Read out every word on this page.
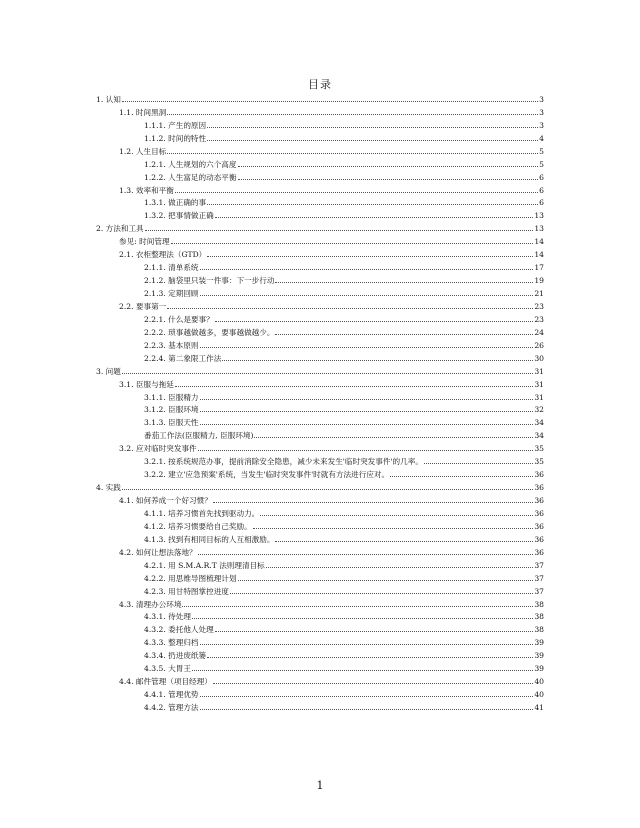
目录
1. 认知	3
1.1. 时间黑洞	3
1.1.1. 产生的原因	3
1.1.2. 时间的特性	4
1.2. 人生目标	5
1.2.1. 人生规划的六个高度	5
1.2.2. 人生富足的动态平衡	6
1.3. 效率和平衡	6
1.3.1. 做正确的事	6
1.3.2. 把事情做正确	13
2. 方法和工具	13
参见: 时间管理	14
2.1. 衣柜整理法（GTD）	14
2.1.1. 清单系统	17
2.1.2. 脑袋里只装一件事：下一步行动	19
2.1.3. 定期回顾	21
2.2. 要事第一	23
2.2.1. 什么是要事？	23
2.2.2. 琐事越做越多，要事越做越少。	24
2.2.3. 基本原则	26
2.2.4. 第二象限工作法	30
3. 问题	31
3.1. 臣服与拖延	31
3.1.1. 臣服精力	31
3.1.2. 臣服环境	32
3.1.3. 臣服天性	34
番茄工作法(臣服精力, 臣服环境)	34
3.2. 应对临时突发事件	35
3.2.1. 按系统规范办事，提前消除安全隐患，减少未来发生'临时突发事件'的几率。	35
3.2.2. 建立'应急预案'系统，当发生'临时突发事件'时就有方法进行应对。	36
4. 实践	36
4.1. 如何养成一个好习惯？	36
4.1.1. 培养习惯首先找到驱动力。	36
4.1.2. 培养习惯要给自己奖励。	36
4.1.3. 找到有相同目标的人互相激励。	36
4.2. 如何让想法落地？	36
4.2.1. 用 S.M.A.R.T 法则理清目标	37
4.2.2. 用思维导图梳理计划	37
4.2.3. 用甘特图掌控进度	37
4.3. 清理办公环境	38
4.3.1. 待处理	38
4.3.2. 委托他人处理	38
4.3.3. 整理归档	39
4.3.4. 扔进废纸篓	39
4.3.5. 大胃王	39
4.4. 邮件管理（项目经理）	40
4.4.1. 管理优势	40
4.4.2. 管理方法	41
1
